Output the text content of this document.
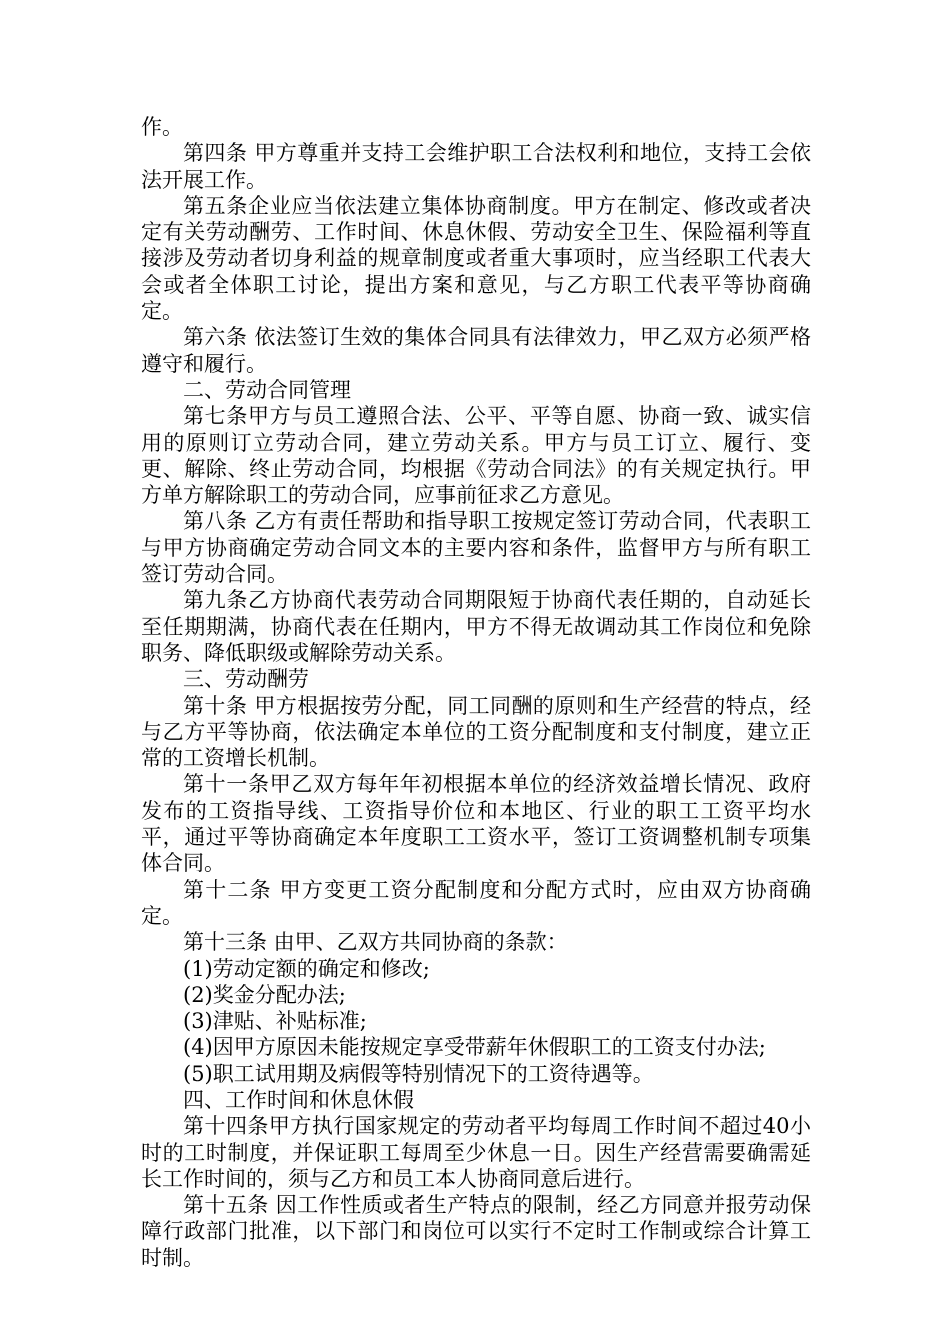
作。

第四条 甲方尊重并支持工会维护职工合法权利和地位，支持工会依法开展工作。

第五条企业应当依法建立集体协商制度。甲方在制定、修改或者决定有关劳动酬劳、工作时间、休息休假、劳动安全卫生、保险福利等直接涉及劳动者切身利益的规章制度或者重大事项时，应当经职工代表大会或者全体职工讨论，提出方案和意见，与乙方职工代表平等协商确定。

第六条 依法签订生效的集体合同具有法律效力，甲乙双方必须严格遵守和履行。

二、劳动合同管理

第七条甲方与员工遵照合法、公平、平等自愿、协商一致、诚实信用的原则订立劳动合同，建立劳动关系。甲方与员工订立、履行、变更、解除、终止劳动合同，均根据《劳动合同法》的有关规定执行。甲方单方解除职工的劳动合同，应事前征求乙方意见。

第八条 乙方有责任帮助和指导职工按规定签订劳动合同，代表职工与甲方协商确定劳动合同文本的主要内容和条件，监督甲方与所有职工签订劳动合同。

第九条乙方协商代表劳动合同期限短于协商代表任期的，自动延长至任期期满，协商代表在任期内，甲方不得无故调动其工作岗位和免除职务、降低职级或解除劳动关系。

三、劳动酬劳

第十条 甲方根据按劳分配，同工同酬的原则和生产经营的特点，经与乙方平等协商，依法确定本单位的工资分配制度和支付制度，建立正常的工资增长机制。

第十一条甲乙双方每年年初根据本单位的经济效益增长情况、政府发布的工资指导线、工资指导价位和本地区、行业的职工工资平均水平，通过平等协商确定本年度职工工资水平，签订工资调整机制专项集体合同。

第十二条 甲方变更工资分配制度和分配方式时，应由双方协商确定。

第十三条 由甲、乙双方共同协商的条款：

(1)劳动定额的确定和修改;

(2)奖金分配办法;

(3)津贴、补贴标准;

(4)因甲方原因未能按规定享受带薪年休假职工的工资支付办法;

(5)职工试用期及病假等特别情况下的工资待遇等。

四、工作时间和休息休假

第十四条甲方执行国家规定的劳动者平均每周工作时间不超过40小时的工时制度，并保证职工每周至少休息一日。因生产经营需要确需延长工作时间的，须与乙方和员工本人协商同意后进行。

第十五条 因工作性质或者生产特点的限制，经乙方同意并报劳动保障行政部门批准，以下部门和岗位可以实行不定时工作制或综合计算工时制。
